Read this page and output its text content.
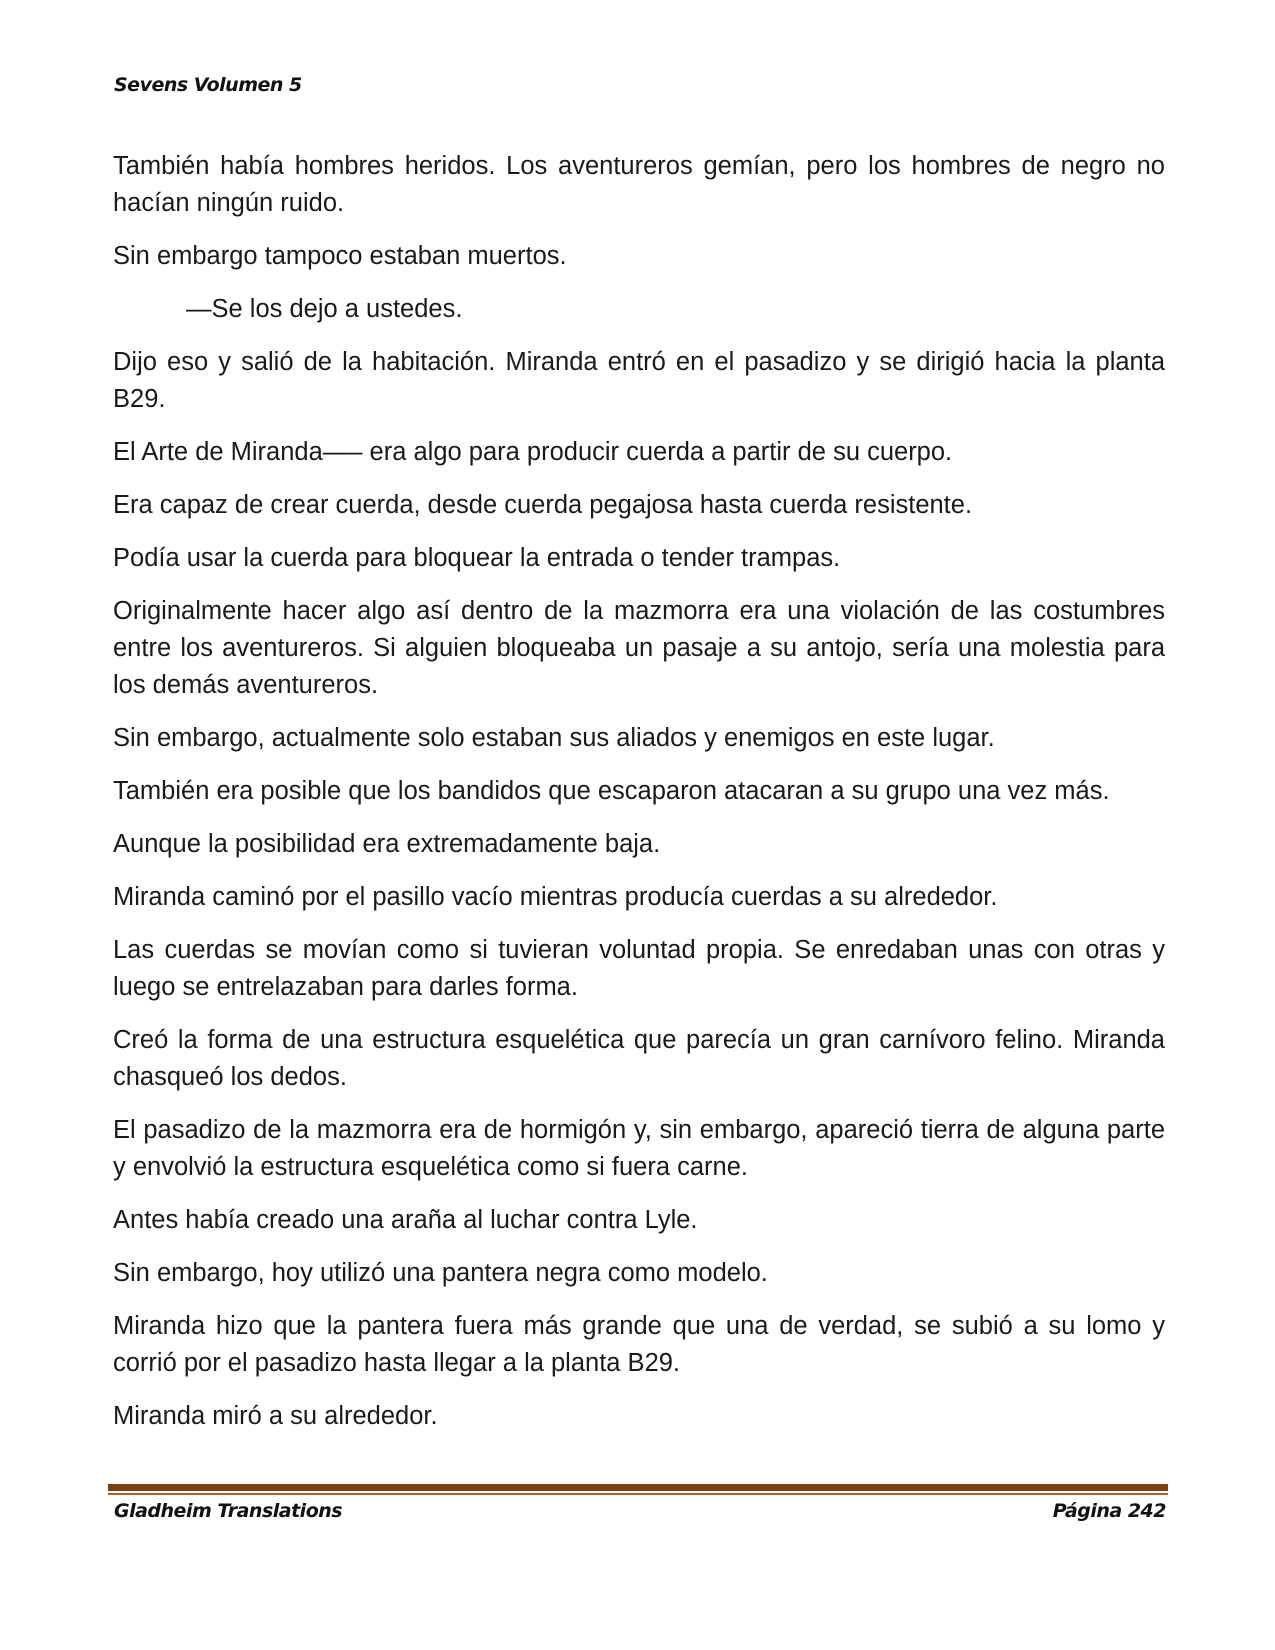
Sevens Volumen 5

También había hombres heridos. Los aventureros gemían, pero los hombres de negro no hacían ningún ruido.

Sin embargo tampoco estaban muertos.

—Se los dejo a ustedes.

Dijo eso y salió de la habitación. Miranda entró en el pasadizo y se dirigió hacia la planta B29.

El Arte de Miranda—– era algo para producir cuerda a partir de su cuerpo.

Era capaz de crear cuerda, desde cuerda pegajosa hasta cuerda resistente.

Podía usar la cuerda para bloquear la entrada o tender trampas.

Originalmente hacer algo así dentro de la mazmorra era una violación de las costumbres entre los aventureros. Si alguien bloqueaba un pasaje a su antojo, sería una molestia para los demás aventureros.

Sin embargo, actualmente solo estaban sus aliados y enemigos en este lugar.

También era posible que los bandidos que escaparon atacaran a su grupo una vez más.

Aunque la posibilidad era extremadamente baja.

Miranda caminó por el pasillo vacío mientras producía cuerdas a su alrededor.

Las cuerdas se movían como si tuvieran voluntad propia. Se enredaban unas con otras y luego se entrelazaban para darles forma.

Creó la forma de una estructura esquelética que parecía un gran carnívoro felino. Miranda chasqueó los dedos.

El pasadizo de la mazmorra era de hormigón y, sin embargo, apareció tierra de alguna parte y envolvió la estructura esquelética como si fuera carne.

Antes había creado una araña al luchar contra Lyle.

Sin embargo, hoy utilizó una pantera negra como modelo.

Miranda hizo que la pantera fuera más grande que una de verdad, se subió a su lomo y corrió por el pasadizo hasta llegar a la planta B29.

Miranda miró a su alrededor.

Gladheim Translations	Página 242
